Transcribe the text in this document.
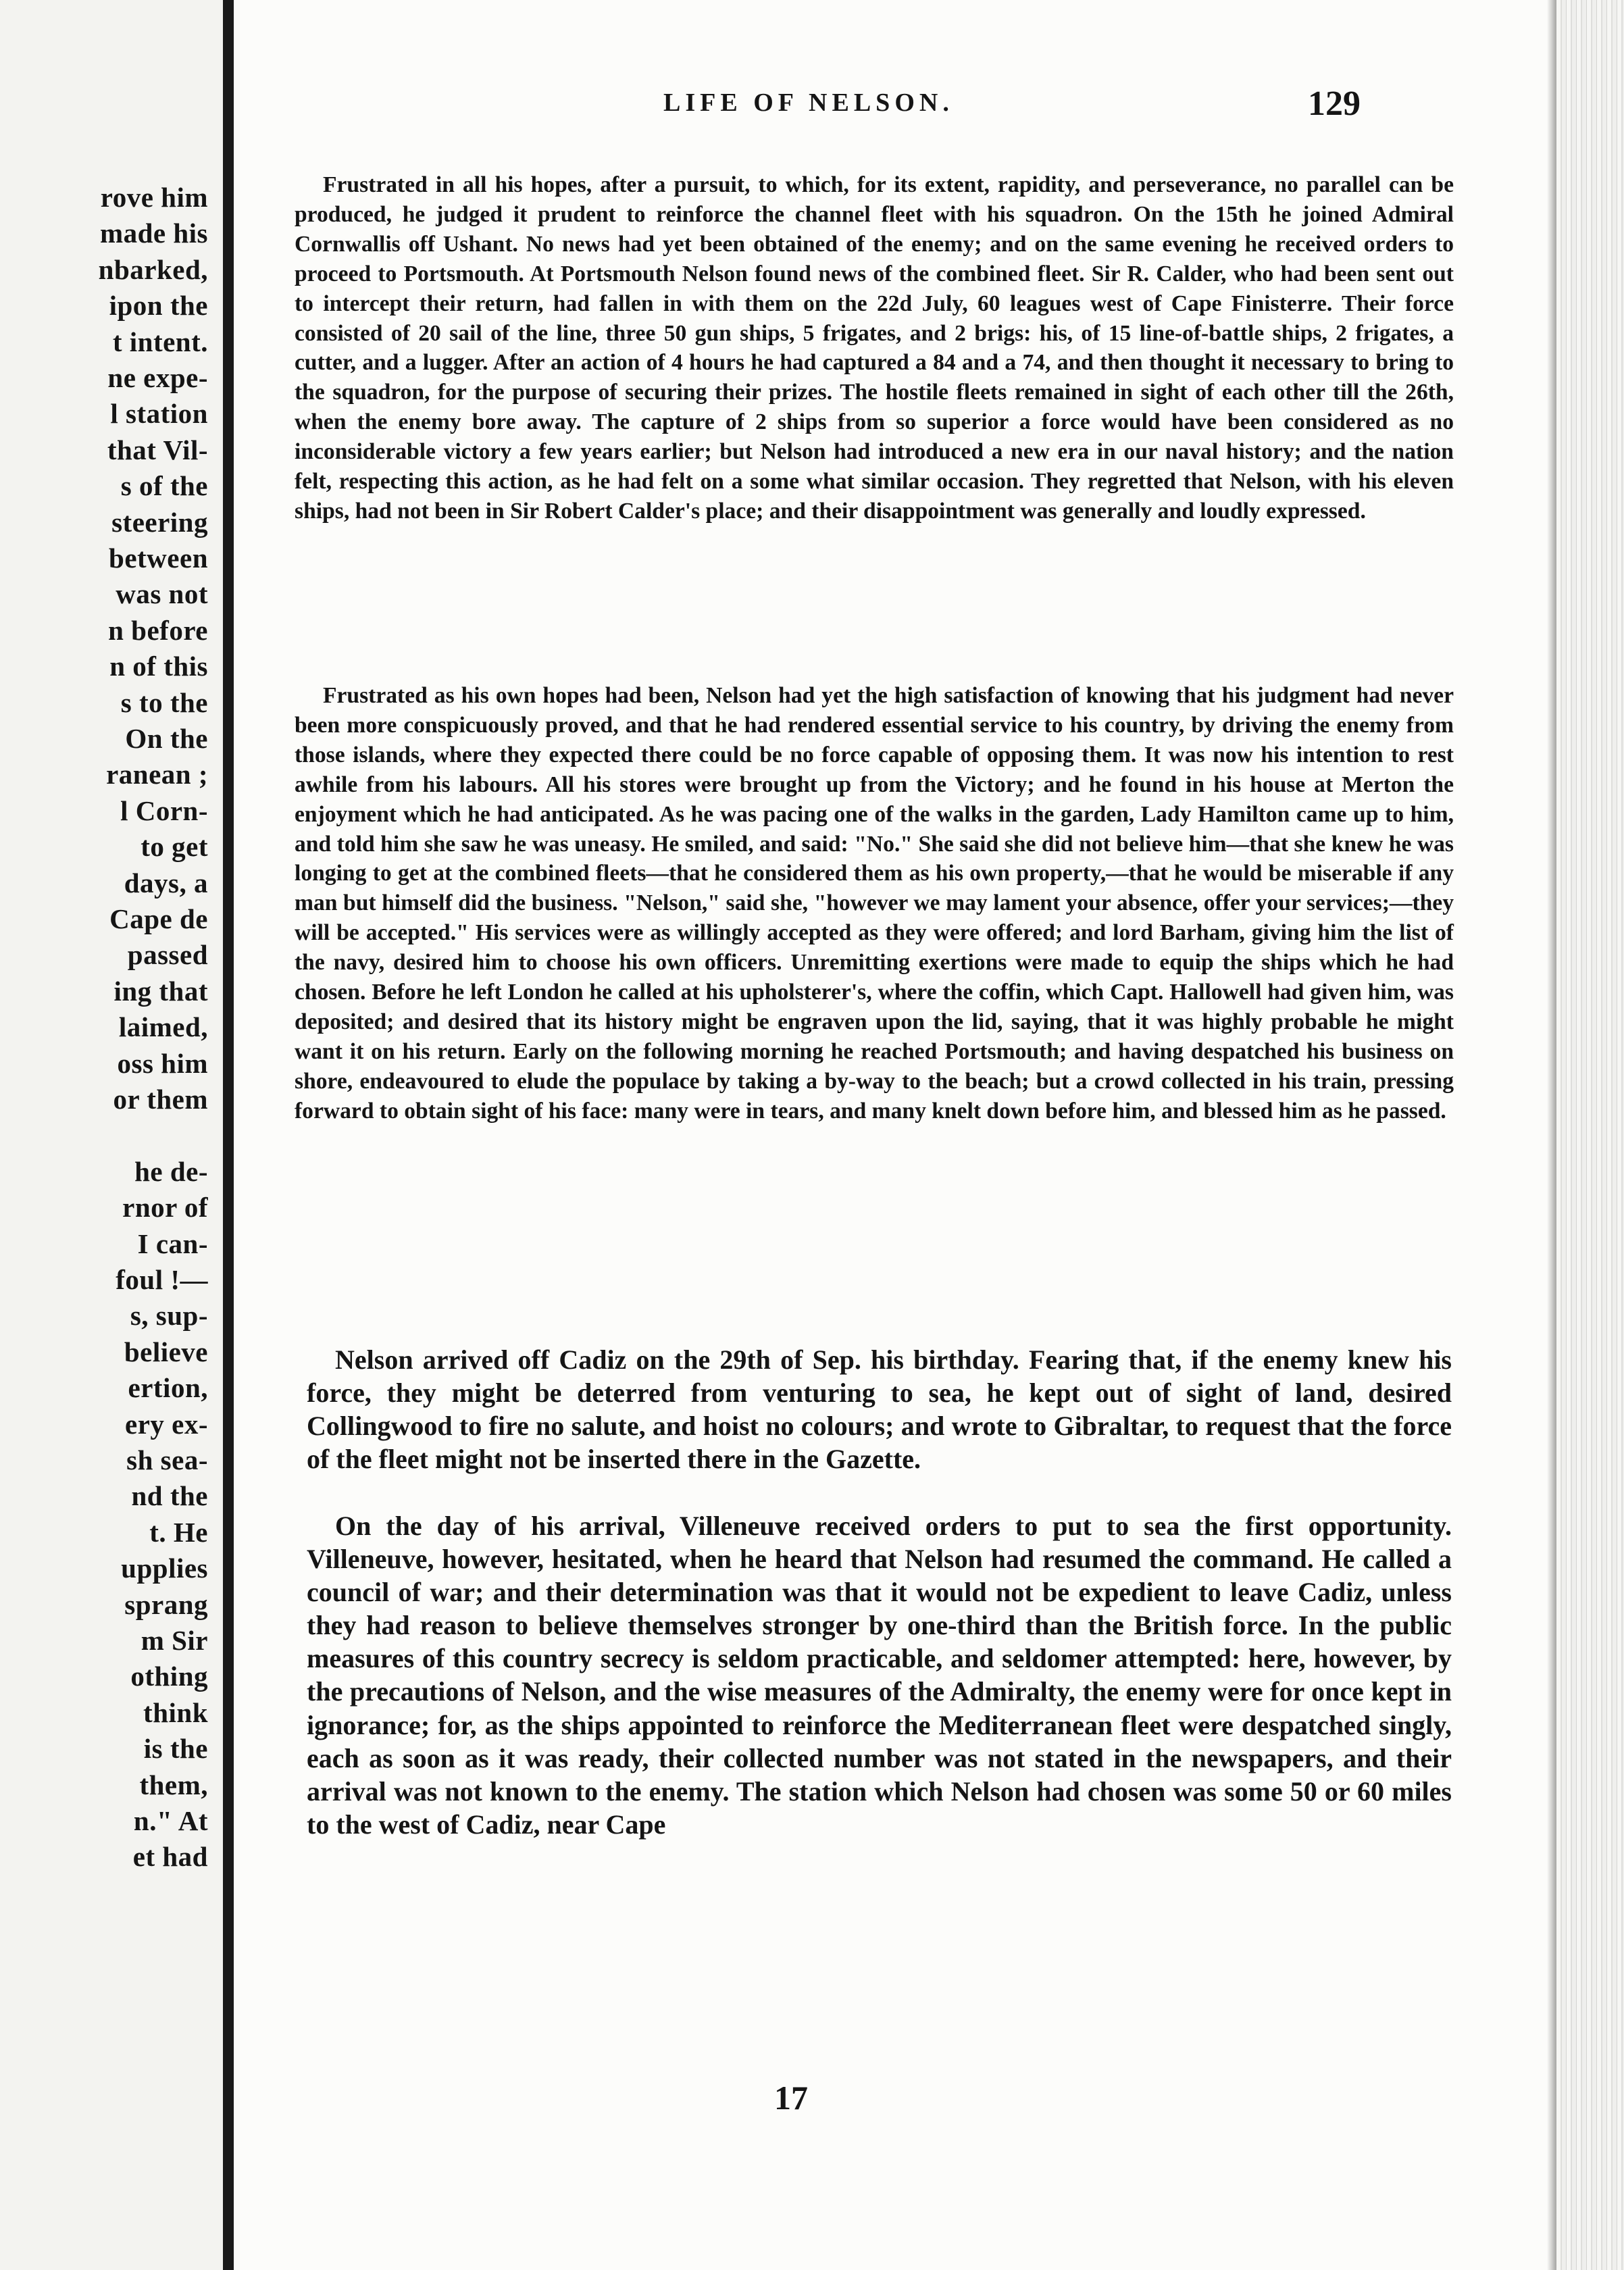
rove him
made his
nbarked,
ipon the
t intent.
ne expe-
l station
that Vil-
s of the
steering
between
was not
n before
n of this
s to the
On the
ranean ;
l Corn-
to get
days, a
Cape de
passed
ing that
laimed,
oss him
or them
he de-
rnor of
I can-
foul !—
s, sup-
believe
ertion,
ery ex-
sh sea-
nd the
t. He
upplies
sprang
m Sir
othing
think
is the
them,
n." At
et had
LIFE OF NELSON.	129

Frustrated in all his hopes, after a pursuit, to which, for its extent, rapidity, and perseverance, no parallel can be produced, he judged it prudent to reinforce the channel fleet with his squadron. On the 15th he joined Admiral Cornwallis off Ushant. No news had yet been obtained of the enemy; and on the same evening he received orders to proceed to Portsmouth. At Portsmouth Nelson found news of the combined fleet. Sir R. Calder, who had been sent out to intercept their return, had fallen in with them on the 22d July, 60 leagues west of Cape Finisterre. Their force consisted of 20 sail of the line, three 50 gun ships, 5 frigates, and 2 brigs: his, of 15 line-of-battle ships, 2 frigates, a cutter, and a lugger. After an action of 4 hours he had captured a 84 and a 74, and then thought it necessary to bring to the squadron, for the purpose of securing their prizes. The hostile fleets remained in sight of each other till the 26th, when the enemy bore away. The capture of 2 ships from so superior a force would have been considered as no inconsiderable victory a few years earlier; but Nelson had introduced a new era in our naval history; and the nation felt, respecting this action, as he had felt on a some what similar occasion. They regretted that Nelson, with his eleven ships, had not been in Sir Robert Calder's place; and their disappointment was generally and loudly expressed.

Frustrated as his own hopes had been, Nelson had yet the high satisfaction of knowing that his judgment had never been more conspicuously proved, and that he had rendered essential service to his country, by driving the enemy from those islands, where they expected there could be no force capable of opposing them. It was now his intention to rest awhile from his labours. All his stores were brought up from the Victory; and he found in his house at Merton the enjoyment which he had anticipated. As he was pacing one of the walks in the garden, Lady Hamilton came up to him, and told him she saw he was uneasy. He smiled, and said: "No." She said she did not believe him—that she knew he was longing to get at the combined fleets—that he considered them as his own property,—that he would be miserable if any man but himself did the business. "Nelson," said she, "however we may lament your absence, offer your services;—they will be accepted." His services were as willingly accepted as they were offered; and lord Barham, giving him the list of the navy, desired him to choose his own officers. Unremitting exertions were made to equip the ships which he had chosen. Before he left London he called at his upholsterer's, where the coffin, which Capt. Hallowell had given him, was deposited; and desired that its history might be engraven upon the lid, saying, that it was highly probable he might want it on his return. Early on the following morning he reached Portsmouth; and having despatched his business on shore, endeavoured to elude the populace by taking a by-way to the beach; but a crowd collected in his train, pressing forward to obtain sight of his face: many were in tears, and many knelt down before him, and blessed him as he passed.

Nelson arrived off Cadiz on the 29th of Sep. his birthday. Fearing that, if the enemy knew his force, they might be deterred from venturing to sea, he kept out of sight of land, desired Collingwood to fire no salute, and hoist no colours; and wrote to Gibraltar, to request that the force of the fleet might not be inserted there in the Gazette.

On the day of his arrival, Villeneuve received orders to put to sea the first opportunity. Villeneuve, however, hesitated, when he heard that Nelson had resumed the command. He called a council of war; and their determination was that it would not be expedient to leave Cadiz, unless they had reason to believe themselves stronger by one-third than the British force. In the public measures of this country secrecy is seldom practicable, and seldomer attempted: here, however, by the precautions of Nelson, and the wise measures of the Admiralty, the enemy were for once kept in ignorance; for, as the ships appointed to reinforce the Mediterranean fleet were despatched singly, each as soon as it was ready, their collected number was not stated in the newspapers, and their arrival was not known to the enemy. The station which Nelson had chosen was some 50 or 60 miles to the west of Cadiz, near Cape

17
